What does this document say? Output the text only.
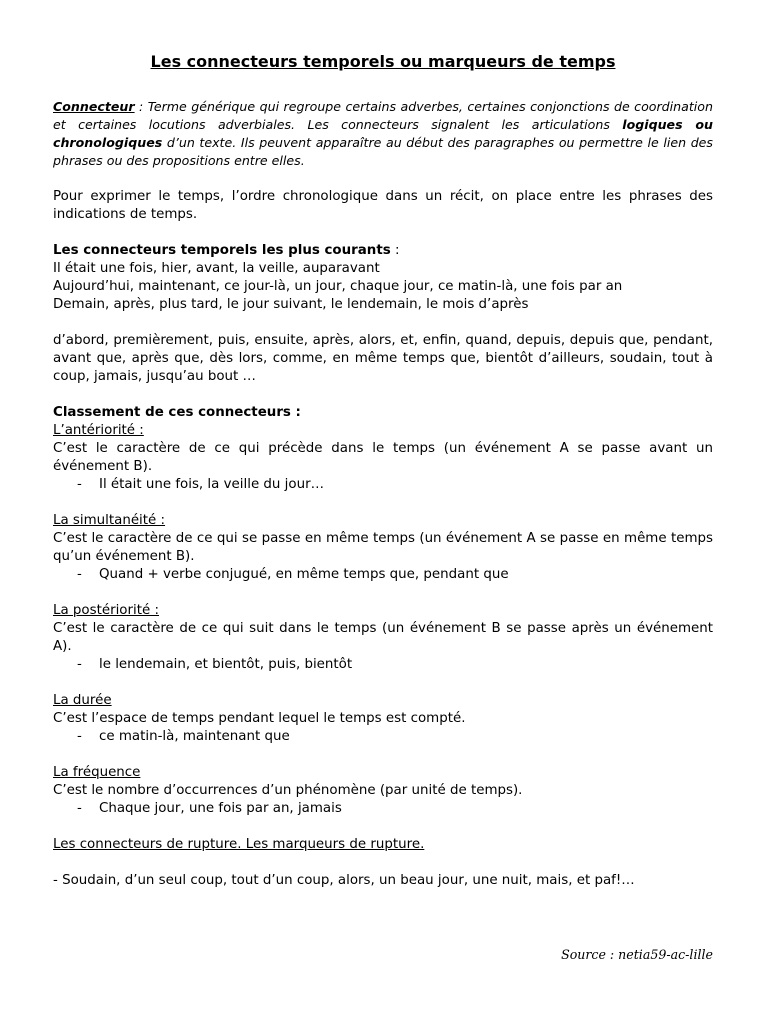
Les connecteurs temporels ou marqueurs de temps

Connecteur : Terme générique qui regroupe certains adverbes, certaines conjonctions de coordination et certaines locutions adverbiales. Les connecteurs signalent les articulations logiques ou chronologiques d’un texte. Ils peuvent apparaître au début des paragraphes ou permettre le lien des phrases ou des propositions entre elles.

Pour exprimer le temps, l’ordre chronologique dans un récit, on place entre les phrases des indications de temps.

Les connecteurs temporels les plus courants :

Il était une fois, hier, avant, la veille, auparavant
Aujourd’hui, maintenant, ce jour-là, un jour, chaque jour, ce matin-là, une fois par an
Demain, après, plus tard, le jour suivant, le lendemain, le mois d’après

d’abord, premièrement, puis, ensuite, après, alors, et, enfin, quand, depuis, depuis que, pendant, avant que, après que, dès lors, comme, en même temps que, bientôt d’ailleurs, soudain, tout à coup, jamais, jusqu’au bout …

Classement de ces connecteurs :

L’antériorité :

C’est le caractère de ce qui précède dans le temps (un événement A se passe avant un événement B).

- Il était une fois, la veille du jour…

La simultanéité :

C’est le caractère de ce qui se passe en même temps (un événement A se passe en même temps qu’un événement B).

- Quand + verbe conjugué, en même temps que, pendant que

La postériorité :

C’est le caractère de ce qui suit dans le temps (un événement B se passe après un événement A).

- le lendemain, et bientôt, puis, bientôt

La durée

C’est l’espace de temps pendant lequel le temps est compté.

- ce matin-là, maintenant que

La fréquence

C’est le nombre d’occurrences d’un phénomène (par unité de temps).

- Chaque jour, une fois par an, jamais

Les connecteurs de rupture. Les marqueurs de rupture.

- Soudain, d’un seul coup, tout d’un coup, alors, un beau jour, une nuit, mais, et paf!…

Source : netia59-ac-lille
